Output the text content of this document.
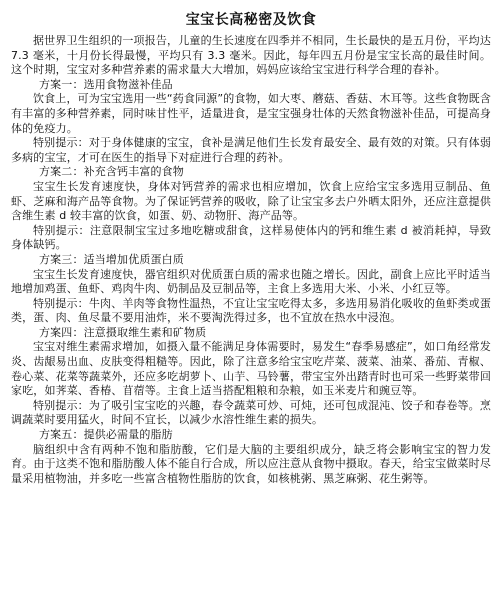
宝宝长高秘密及饮食

据世界卫生组织的一项报告，儿童的生长速度在四季并不相同，生长最快的是五月份，平均达 7.3 毫米，十月份长得最慢，平均只有 3.3 毫米。因此，每年四五月份是宝宝长高的最佳时间。这个时期，宝宝对多种营养素的需求量大大增加，妈妈应该给宝宝进行科学合理的春补。

方案一：选用食物滋补佳品

饮食上，可为宝宝选用一些“药食同源”的食物，如大枣、蘑菇、香菇、木耳等。这些食物既含有丰富的多种营养素，同时味甘性平，适量进食，是宝宝强身壮体的天然食物滋补佳品，可提高身体的免疫力。

特别提示：对于身体健康的宝宝，食补是满足他们生长发育最安全、最有效的对策。只有体弱多病的宝宝，才可在医生的指导下对症进行合理的药补。

方案二：补充含钙丰富的食物

宝宝生长发育速度快，身体对钙营养的需求也相应增加，饮食上应给宝宝多选用豆制品、鱼虾、芝麻和海产品等食物。为了保证钙营养的吸收，除了让宝宝多去户外晒太阳外，还应注意提供含维生素 d 较丰富的饮食，如蛋、奶、动物肝、海产品等。

特别提示：注意限制宝宝过多地吃糖或甜食，这样易使体内的钙和维生素 d 被消耗掉，导致身体缺钙。

方案三：适当增加优质蛋白质

宝宝生长发育速度快，器官组织对优质蛋白质的需求也随之增长。因此，副食上应比平时适当地增加鸡蛋、鱼虾、鸡肉牛肉、奶制品及豆制品等，主食上多选用大米、小米、小红豆等。

特别提示：牛肉、羊肉等食物性温热，不宜让宝宝吃得太多，多选用易消化吸收的鱼虾类或蛋类，蛋、肉、鱼尽量不要用油炸，米不要淘洗得过多，也不宜放在热水中浸泡。

方案四：注意摄取维生素和矿物质

宝宝对维生素需求增加，如摄入量不能满足身体需要时，易发生“春季易感症”，如口角经常发炎、齿龈易出血、皮肤变得粗糙等。因此，除了注意多给宝宝吃芹菜、菠菜、油菜、番茄、青椒、卷心菜、花菜等蔬菜外，还应多吃胡萝卜、山芋、马铃薯，带宝宝外出踏青时也可采一些野菜带回家吃，如荠菜、香椿、苜蓿等。主食上适当搭配粗粮和杂粮，如玉米麦片和豌豆等。

特别提示：为了吸引宝宝吃的兴趣，春令蔬菜可炒、可炖，还可包成混沌、饺子和春卷等。烹调蔬菜时要用猛火，时间不宜长，以减少水溶性维生素的损失。

方案五：提供必需量的脂肪

脑组织中含有两种不饱和脂肪酸，它们是大脑的主要组织成分，缺乏将会影响宝宝的智力发育。由于这类不饱和脂肪酸人体不能自行合成，所以应注意从食物中摄取。春天，给宝宝做菜时尽量采用植物油，并多吃一些富含植物性脂肪的饮食，如核桃粥、黑芝麻粥、花生粥等。
